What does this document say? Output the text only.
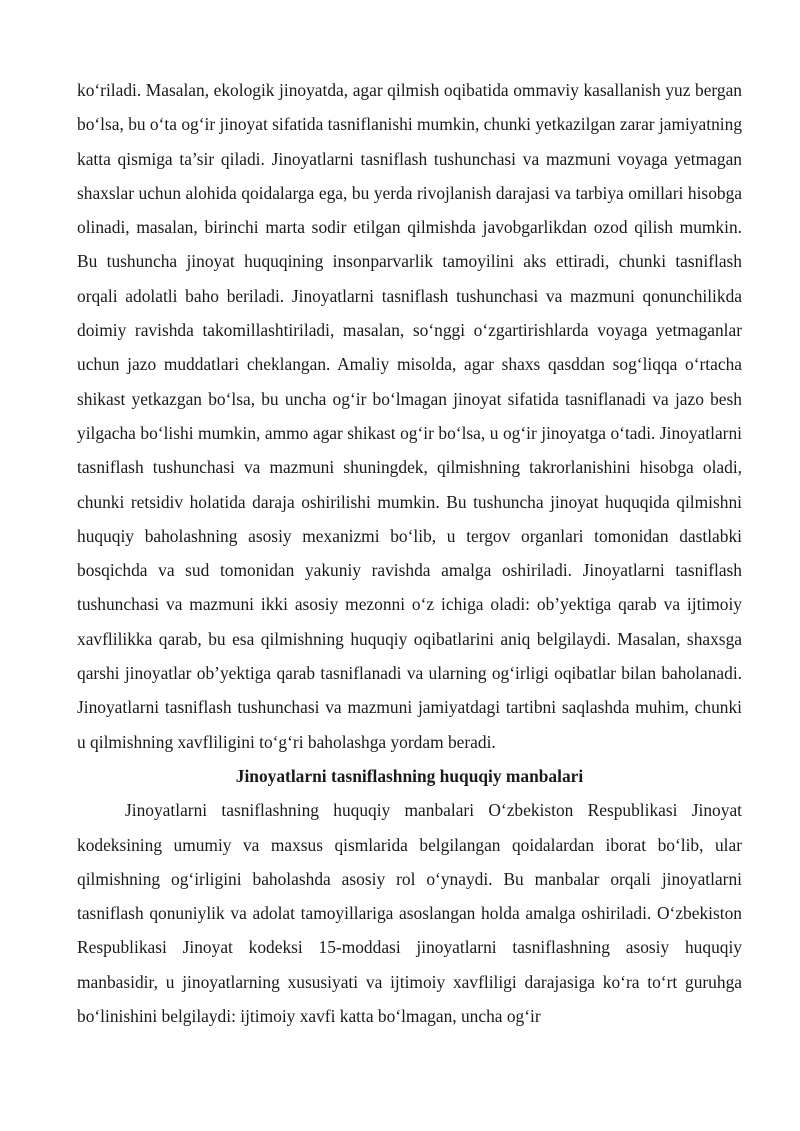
ko‘riladi. Masalan, ekologik jinoyatda, agar qilmish oqibatida ommaviy kasallanish yuz bergan bo‘lsa, bu o‘ta og‘ir jinoyat sifatida tasniflanishi mumkin, chunki yetkazilgan zarar jamiyatning katta qismiga ta’sir qiladi. Jinoyatlarni tasniflash tushunchasi va mazmuni voyaga yetmagan shaxslar uchun alohida qoidalarga ega, bu yerda rivojlanish darajasi va tarbiya omillari hisobga olinadi, masalan, birinchi marta sodir etilgan qilmishda javobgarlikdan ozod qilish mumkin. Bu tushuncha jinoyat huquqining insonparvarlik tamoyilini aks ettiradi, chunki tasniflash orqali adolatli baho beriladi. Jinoyatlarni tasniflash tushunchasi va mazmuni qonunchilikda doimiy ravishda takomillashtiriladi, masalan, so‘nggi o‘zgartirishlarda voyaga yetmaganlar uchun jazo muddatlari cheklangan. Amaliy misolda, agar shaxs qasddan sog‘liqqa o‘rtacha shikast yetkazgan bo‘lsa, bu uncha og‘ir bo‘lmagan jinoyat sifatida tasniflanadi va jazo besh yilgacha bo‘lishi mumkin, ammo agar shikast og‘ir bo‘lsa, u og‘ir jinoyatga o‘tadi. Jinoyatlarni tasniflash tushunchasi va mazmuni shuningdek, qilmishning takrorlanishini hisobga oladi, chunki retsidiv holatida daraja oshirilishi mumkin. Bu tushuncha jinoyat huquqida qilmishni huquqiy baholashning asosiy mexanizmi bo‘lib, u tergov organlari tomonidan dastlabki bosqichda va sud tomonidan yakuniy ravishda amalga oshiriladi. Jinoyatlarni tasniflash tushunchasi va mazmuni ikki asosiy mezonni o‘z ichiga oladi: ob’yektiga qarab va ijtimoiy xavflilikka qarab, bu esa qilmishning huquqiy oqibatlarini aniq belgilaydi. Masalan, shaxsga qarshi jinoyatlar ob’yektiga qarab tasniflanadi va ularning og‘irligi oqibatlar bilan baholanadi. Jinoyatlarni tasniflash tushunchasi va mazmuni jamiyatdagi tartibni saqlashda muhim, chunki u qilmishning xavfliligini to‘g‘ri baholashga yordam beradi.

Jinoyatlarni tasniflashning huquqiy manbalari

Jinoyatlarni tasniflashning huquqiy manbalari O‘zbekiston Respublikasi Jinoyat kodeksining umumiy va maxsus qismlarida belgilangan qoidalardan iborat bo‘lib, ular qilmishning og‘irligini baholashda asosiy rol o‘ynaydi. Bu manbalar orqali jinoyatlarni tasniflash qonuniylik va adolat tamoyillariga asoslangan holda amalga oshiriladi. O‘zbekiston Respublikasi Jinoyat kodeksi 15-moddasi jinoyatlarni tasniflashning asosiy huquqiy manbasidir, u jinoyatlarning xususiyati va ijtimoiy xavfliligi darajasiga ko‘ra to‘rt guruhga bo‘linishini belgilaydi: ijtimoiy xavfi katta bo‘lmagan, uncha og‘ir
